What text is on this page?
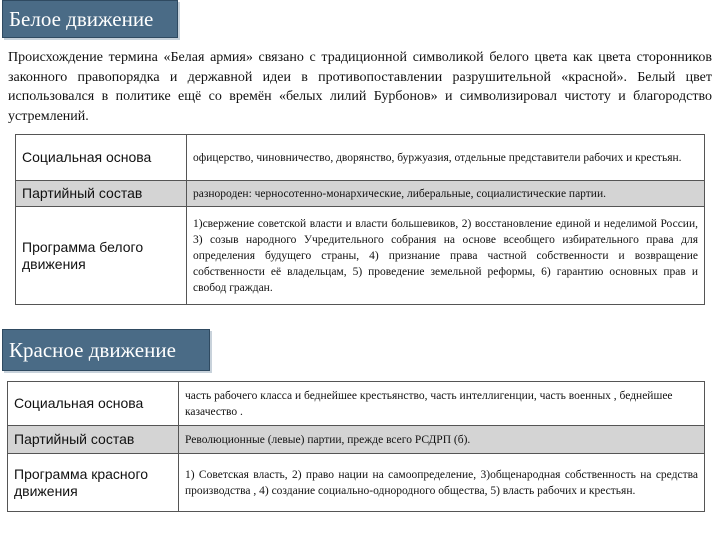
Белое движение
Происхождение термина «Белая армия» связано с традиционной символикой белого цвета как цвета сторонников законного правопорядка и державной идеи в противопоставлении разрушительной «красной». Белый цвет использовался в политике ещё со времён «белых лилий Бурбонов» и символизировал чистоту и благородство устремлений.
Социальная основа	офицерство, чиновничество, дворянство, буржуазия, отдельные представители рабочих и крестьян.
Партийный состав	разнороден: черносотенно-монархические, либеральные, социалистические партии.
Программа белого движения	1)свержение советской власти и власти большевиков, 2) восстановление единой и неделимой России, 3) созыв народного Учредительного собрания на основе всеобщего избирательного права для определения будущего страны, 4) признание права частной собственности и возвращение собственности её владельцам, 5) проведение земельной реформы, 6) гарантию основных прав и свобод граждан.
Красное движение
Социальная основа	часть рабочего класса и беднейшее крестьянство, часть интеллигенции, часть военных , беднейшее казачество .
Партийный состав	Революционные (левые) партии, прежде всего РСДРП (б).
Программа красного движения	1) Советская власть, 2) право нации на самоопределение, 3)общенародная собственность на средства производства , 4) создание социально-однородного общества, 5) власть рабочих и крестьян.
